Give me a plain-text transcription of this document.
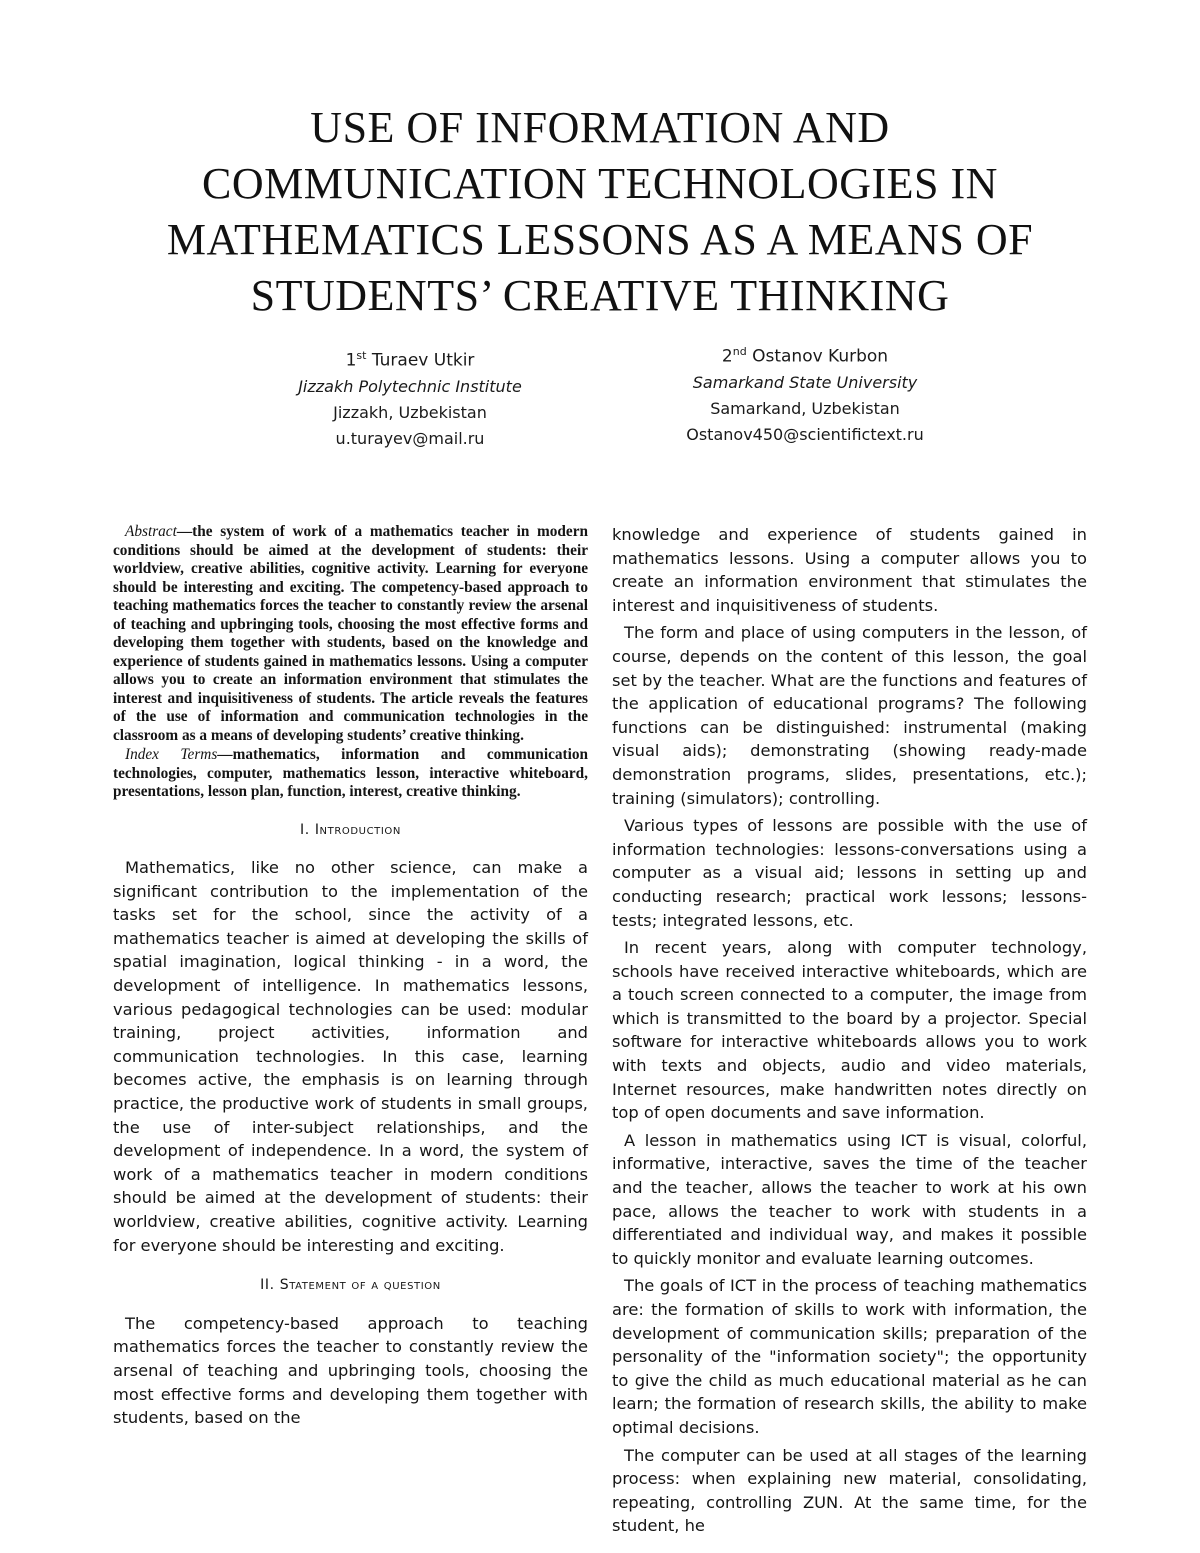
USE OF INFORMATION AND
COMMUNICATION TECHNOLOGIES IN
MATHEMATICS LESSONS AS A MEANS OF
STUDENTS’ CREATIVE THINKING
1st Turaev Utkir
Jizzakh Polytechnic Institute
Jizzakh, Uzbekistan
u.turayev@mail.ru
2nd Ostanov Kurbon
Samarkand State University
Samarkand, Uzbekistan
Ostanov450@scientifictext.ru

Abstract—the system of work of a mathematics teacher in modern conditions should be aimed at the development of students: their worldview, creative abilities, cognitive activity. Learning for everyone should be interesting and exciting. The competency-based approach to teaching mathematics forces the teacher to constantly review the arsenal of teaching and upbringing tools, choosing the most effective forms and developing them together with students, based on the knowledge and experience of students gained in mathematics lessons. Using a computer allows you to create an information environment that stimulates the interest and inquisitiveness of students. The article reveals the features of the use of information and communication technologies in the classroom as a means of developing students’ creative thinking.

Index Terms—mathematics, information and communication technologies, computer, mathematics lesson, interactive whiteboard, presentations, lesson plan, function, interest, creative thinking.

I. Introduction

Mathematics, like no other science, can make a significant contribution to the implementation of the tasks set for the school, since the activity of a mathematics teacher is aimed at developing the skills of spatial imagination, logical thinking - in a word, the development of intelligence. In mathematics lessons, various pedagogical technologies can be used: modular training, project activities, information and communication technologies. In this case, learning becomes active, the emphasis is on learning through practice, the productive work of students in small groups, the use of inter-subject relationships, and the development of independence. In a word, the system of work of a mathematics teacher in modern conditions should be aimed at the development of students: their worldview, creative abilities, cognitive activity. Learning for everyone should be interesting and exciting.

II. Statement of a question

The competency-based approach to teaching mathematics forces the teacher to constantly review the arsenal of teaching and upbringing tools, choosing the most effective forms and developing them together with students, based on the

knowledge and experience of students gained in mathematics lessons. Using a computer allows you to create an information environment that stimulates the interest and inquisitiveness of students.

The form and place of using computers in the lesson, of course, depends on the content of this lesson, the goal set by the teacher. What are the functions and features of the application of educational programs? The following functions can be distinguished: instrumental (making visual aids); demonstrating (showing ready-made demonstration programs, slides, presentations, etc.); training (simulators); controlling.

Various types of lessons are possible with the use of information technologies: lessons-conversations using a computer as a visual aid; lessons in setting up and conducting research; practical work lessons; lessons-tests; integrated lessons, etc.

In recent years, along with computer technology, schools have received interactive whiteboards, which are a touch screen connected to a computer, the image from which is transmitted to the board by a projector. Special software for interactive whiteboards allows you to work with texts and objects, audio and video materials, Internet resources, make handwritten notes directly on top of open documents and save information.

A lesson in mathematics using ICT is visual, colorful, informative, interactive, saves the time of the teacher and the teacher, allows the teacher to work at his own pace, allows the teacher to work with students in a differentiated and individual way, and makes it possible to quickly monitor and evaluate learning outcomes.

The goals of ICT in the process of teaching mathematics are: the formation of skills to work with information, the development of communication skills; preparation of the personality of the "information society"; the opportunity to give the child as much educational material as he can learn; the formation of research skills, the ability to make optimal decisions.

The computer can be used at all stages of the learning process: when explaining new material, consolidating, repeating, controlling ZUN. At the same time, for the student, he
